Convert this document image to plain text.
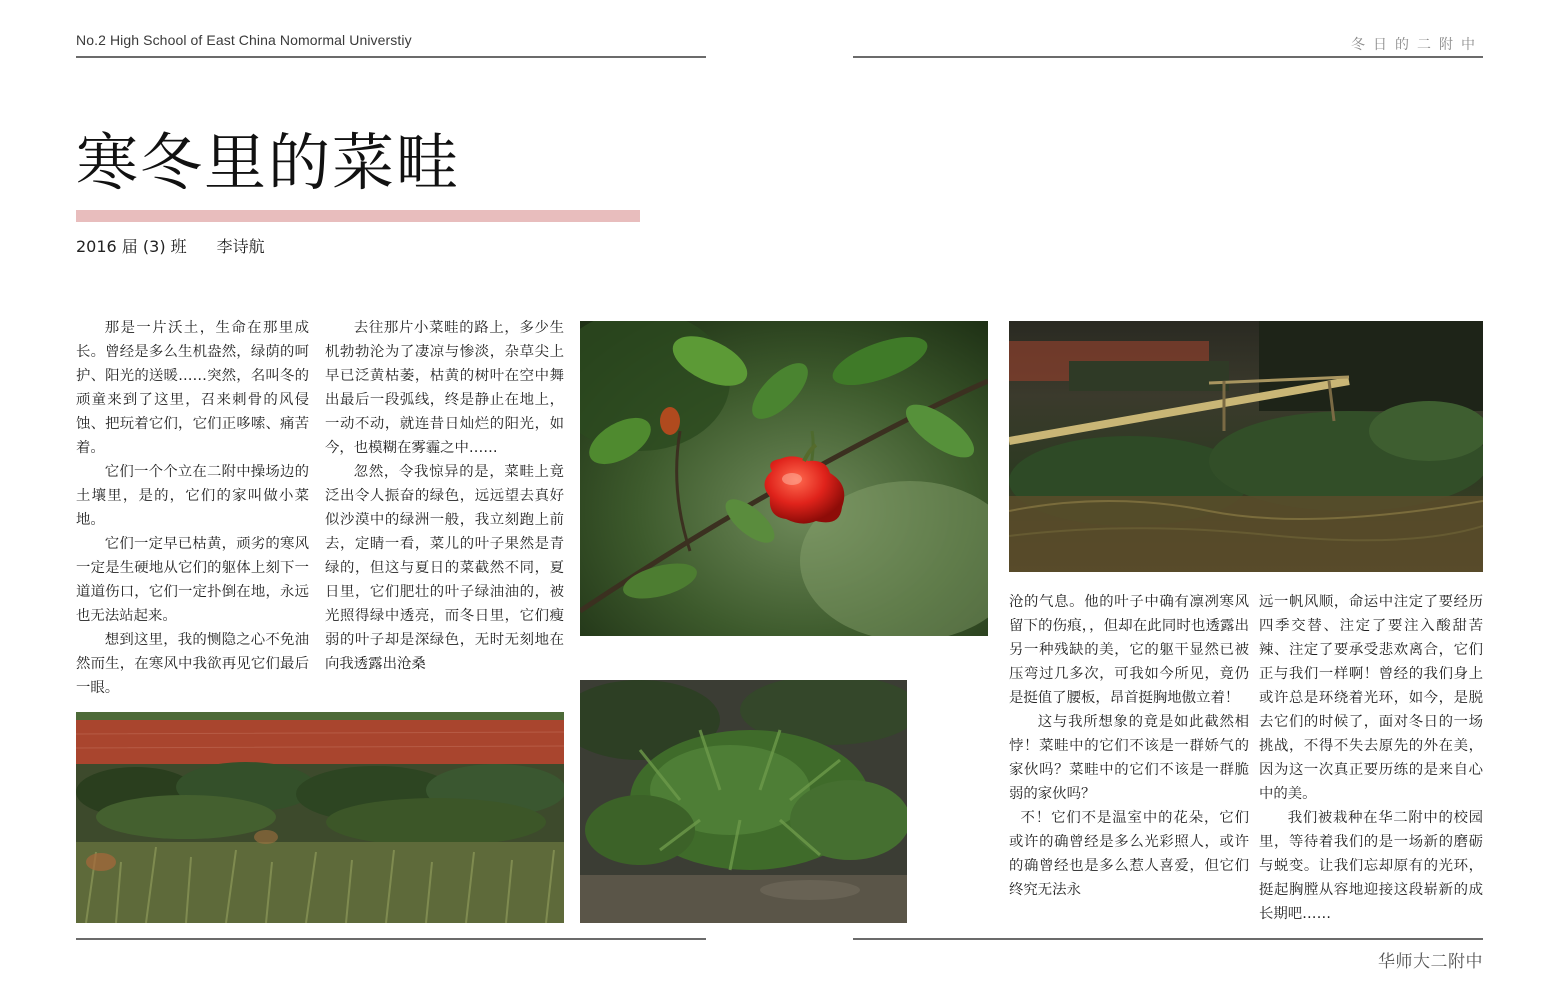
No.2 High School of East China Nomormal Universtiy	冬日的二附中
寒冬里的菜畦
2016 届 (3) 班 李诗航

那是一片沃土，生命在那里成长。曾经是多么生机盎然，绿荫的呵护、阳光的送暖……突然，名叫冬的顽童来到了这里，召来刺骨的风侵蚀、把玩着它们，它们正哆嗦、痛苦着。

它们一个个立在二附中操场边的土壤里，是的，它们的家叫做小菜地。

它们一定早已枯黄，顽劣的寒风一定是生硬地从它们的躯体上刻下一道道伤口，它们一定扑倒在地，永远也无法站起来。

想到这里，我的恻隐之心不免油然而生，在寒风中我欲再见它们最后一眼。

去往那片小菜畦的路上，多少生机勃勃沦为了凄凉与惨淡，杂草尖上早已泛黄枯萎，枯黄的树叶在空中舞出最后一段弧线，终是静止在地上，一动不动，就连昔日灿烂的阳光，如今，也模糊在雾霾之中……

忽然，令我惊异的是，菜畦上竟泛出令人振奋的绿色，远远望去真好似沙漠中的绿洲一般，我立刻跑上前去，定睛一看，菜儿的叶子果然是青绿的，但这与夏日的菜截然不同，夏日里，它们肥壮的叶子绿油油的，被光照得绿中透亮，而冬日里，它们瘦弱的叶子却是深绿色，无时无刻地在向我透露出沧桑

沧的气息。他的叶子中确有凛冽寒风留下的伤痕，，但却在此同时也透露出另一种残缺的美，它的躯干显然已被压弯过几多次，可我如今所见，竟仍是挺值了腰板，昂首挺胸地傲立着！

这与我所想象的竟是如此截然相悖！菜畦中的它们不该是一群娇气的家伙吗？菜畦中的它们不该是一群脆弱的家伙吗？

不！它们不是温室中的花朵，它们或许的确曾经是多么光彩照人，或许的确曾经也是多么惹人喜爱，但它们终究无法永

远一帆风顺，命运中注定了要经历四季交替、注定了要注入酸甜苦辣、注定了要承受悲欢离合，它们正与我们一样啊！曾经的我们身上或许总是环绕着光环，如今，是脱去它们的时候了，面对冬日的一场挑战，不得不失去原先的外在美，因为这一次真正要历练的是来自心中的美。

我们被栽种在华二附中的校园里，等待着我们的是一场新的磨砺与蜕变。让我们忘却原有的光环，挺起胸膛从容地迎接这段崭新的成长期吧……

华师大二附中
